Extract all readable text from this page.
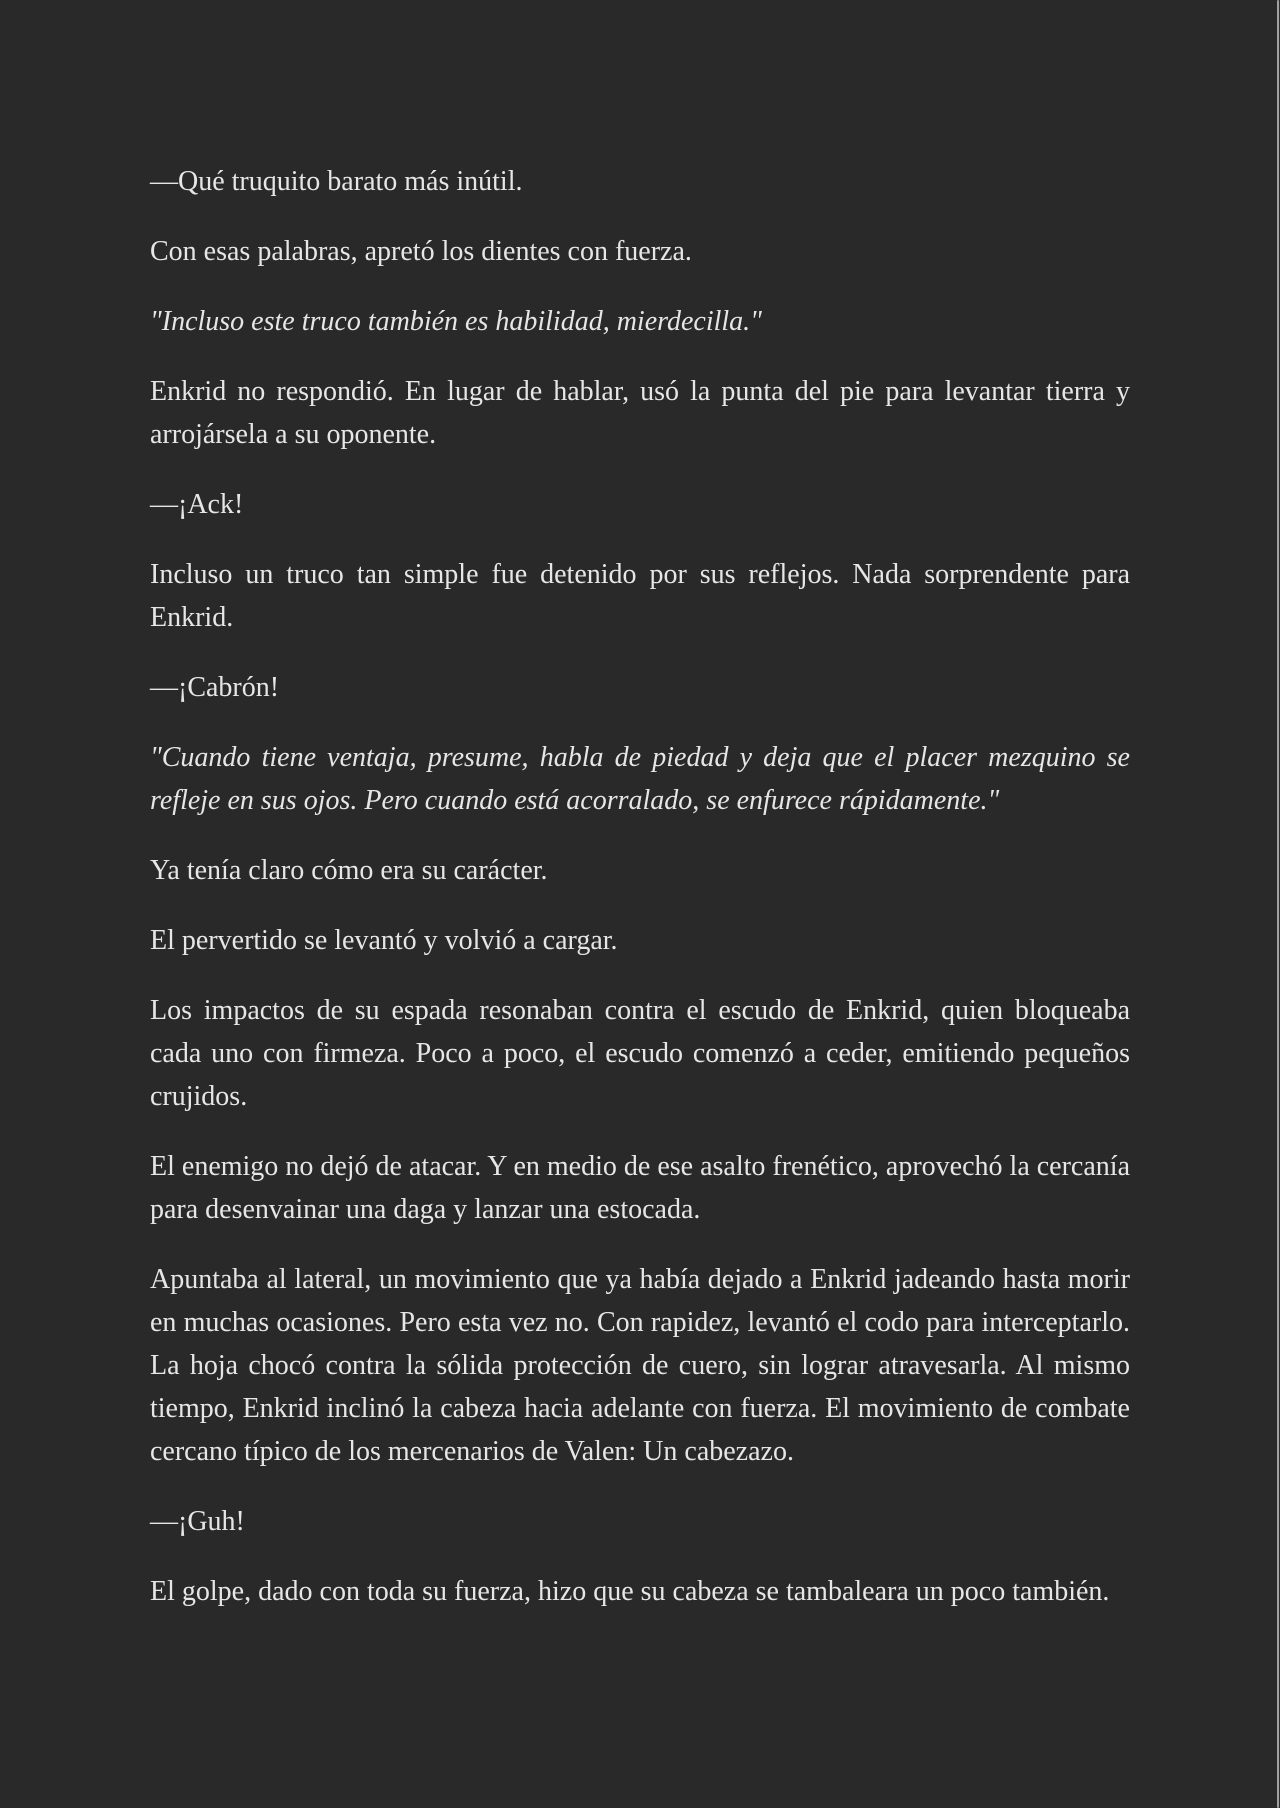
—Qué truquito barato más inútil.

Con esas palabras, apretó los dientes con fuerza.

"Incluso este truco también es habilidad, mierdecilla."

Enkrid no respondió. En lugar de hablar, usó la punta del pie para levantar tierra y arrojársela a su oponente.

—¡Ack!

Incluso un truco tan simple fue detenido por sus reflejos. Nada sorprendente para Enkrid.

—¡Cabrón!

"Cuando tiene ventaja, presume, habla de piedad y deja que el placer mezquino se refleje en sus ojos. Pero cuando está acorralado, se enfurece rápidamente."

Ya tenía claro cómo era su carácter.

El pervertido se levantó y volvió a cargar.

Los impactos de su espada resonaban contra el escudo de Enkrid, quien bloqueaba cada uno con firmeza. Poco a poco, el escudo comenzó a ceder, emitiendo pequeños crujidos.

El enemigo no dejó de atacar. Y en medio de ese asalto frenético, aprovechó la cercanía para desenvainar una daga y lanzar una estocada.

Apuntaba al lateral, un movimiento que ya había dejado a Enkrid jadeando hasta morir en muchas ocasiones. Pero esta vez no. Con rapidez, levantó el codo para interceptarlo. La hoja chocó contra la sólida protección de cuero, sin lograr atravesarla. Al mismo tiempo, Enkrid inclinó la cabeza hacia adelante con fuerza. El movimiento de combate cercano típico de los mercenarios de Valen: Un cabezazo.

—¡Guh!

El golpe, dado con toda su fuerza, hizo que su cabeza se tambaleara un poco también.
